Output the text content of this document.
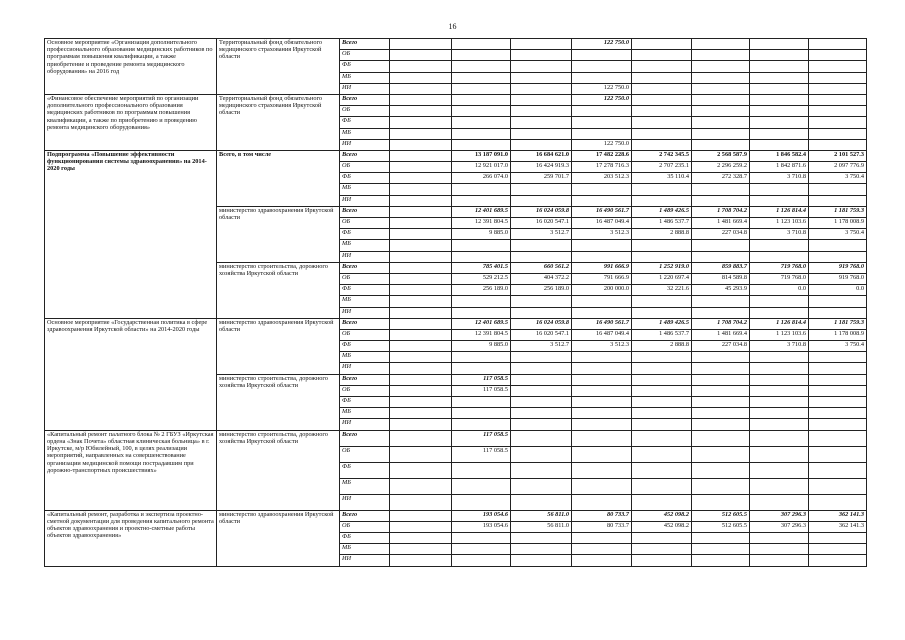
16
Основное мероприятие «Организация дополнительного профессионального образования медицинских работников по программам повышения квалификации, а также приобретение и проведение ремонта медицинского оборудования» на 2016 год	Территориальный фонд обязательного медицинского страхования Иркутской области	Всего				122 750.0				
		ОБ								
		ФБ								
		МБ								
		ИИ				122 750.0				

«Финансовое обеспечение мероприятий по организации дополнительного профессионального образования медицинских работников по программам повышения квалификации, а также по приобретению и проведению ремонта медицинского оборудования»	Территориальный фонд обязательного медицинского страхования Иркутской области	Всего				122 750.0				
		ОБ								
		ФБ								
		МБ								
		ИИ				122 750.0				

Подпрограмма «Повышение эффективности функционирования системы здравоохранения» на 2014-2020 годы	Всего, в том числе	Всего		13 187 091.0	16 684 621.0	17 482 228.6	2 742 345.5	2 568 587.9	1 846 582.4	2 101 527.3
		ОБ		12 921 017.0	16 424 919.3	17 278 716.3	2 707 235.1	2 296 259.2	1 842 871.6	2 097 776.9
		ФБ		266 074.0	259 701.7	203 512.3	35 110.4	272 328.7	3 710.8	3 750.4
		МБ								
		ИИ								
	министерство здравоохранения Иркутской области	Всего		12 401 689.5	16 024 059.8	16 490 561.7	1 489 426.5	1 708 704.2	1 126 814.4	1 181 759.3
		ОБ		12 391 804.5	16 020 547.1	16 487 049.4	1 486 537.7	1 481 669.4	1 123 103.6	1 178 008.9
		ФБ		9 885.0	3 512.7	3 512.3	2 888.8	227 034.8	3 710.8	3 750.4
		МБ								
		ИИ								
	министерство строительства, дорожного хозяйства Иркутской области	Всего		785 401.5	660 561.2	991 666.9	1 252 919.0	859 883.7	719 768.0	919 768.0
		ОБ		529 212.5	404 372.2	791 666.9	1 220 697.4	814 589.8	719 768.0	919 768.0
		ФБ		256 189.0	256 189.0	200 000.0	32 221.6	45 293.9	0.0	0.0
		МБ								
		ИИ								
Основное мероприятие «Государственная политика в сфере здравоохранения Иркутской области» на 2014-2020 годы	министерство здравоохранения Иркутской области	Всего		12 401 689.5	16 024 059.8	16 490 561.7	1 489 426.5	1 708 704.2	1 126 814.4	1 181 759.3
		ОБ		12 391 804.5	16 020 547.1	16 487 049.4	1 486 537.7	1 481 669.4	1 123 103.6	1 178 008.9
		ФБ		9 885.0	3 512.7	3 512.3	2 888.8	227 034.8	3 710.8	3 750.4
		МБ								
		ИИ								
	министерство строительства, дорожного хозяйства Иркутской области	Всего		117 058.5						
		ОБ		117 058.5						
		ФБ								
		МБ								
		ИИ								
«Капитальный ремонт палатного блока № 2 ГБУЗ «Иркутская ордена «Знак Почета» областная клиническая больница» в г. Иркутске, м/р Юбилейный, 100, в целях реализации мероприятий, направленных на совершенствование организации медицинской помощи пострадавшим при дорожно-транспортных происшествиях»	министерство строительства, дорожного хозяйства Иркутской области	Всего		117 058.5						
		ОБ		117 058.5						
		ФБ								
		МБ								
		ИИ								
«Капитальный ремонт, разработка и экспертиза проектно-сметной документации для проведения капитального ремонта объектов здравоохранения и проектно-сметные работы объектов здравоохранения»	министерство здравоохранения Иркутской области	Всего		193 054.6	56 811.0	80 733.7	452 098.2	512 605.5	307 296.3	362 141.3
		ОБ		193 054.6	56 811.0	80 733.7	452 098.2	512 605.5	307 296.3	362 141.3
		ФБ								
		МБ								
		ИИ								
